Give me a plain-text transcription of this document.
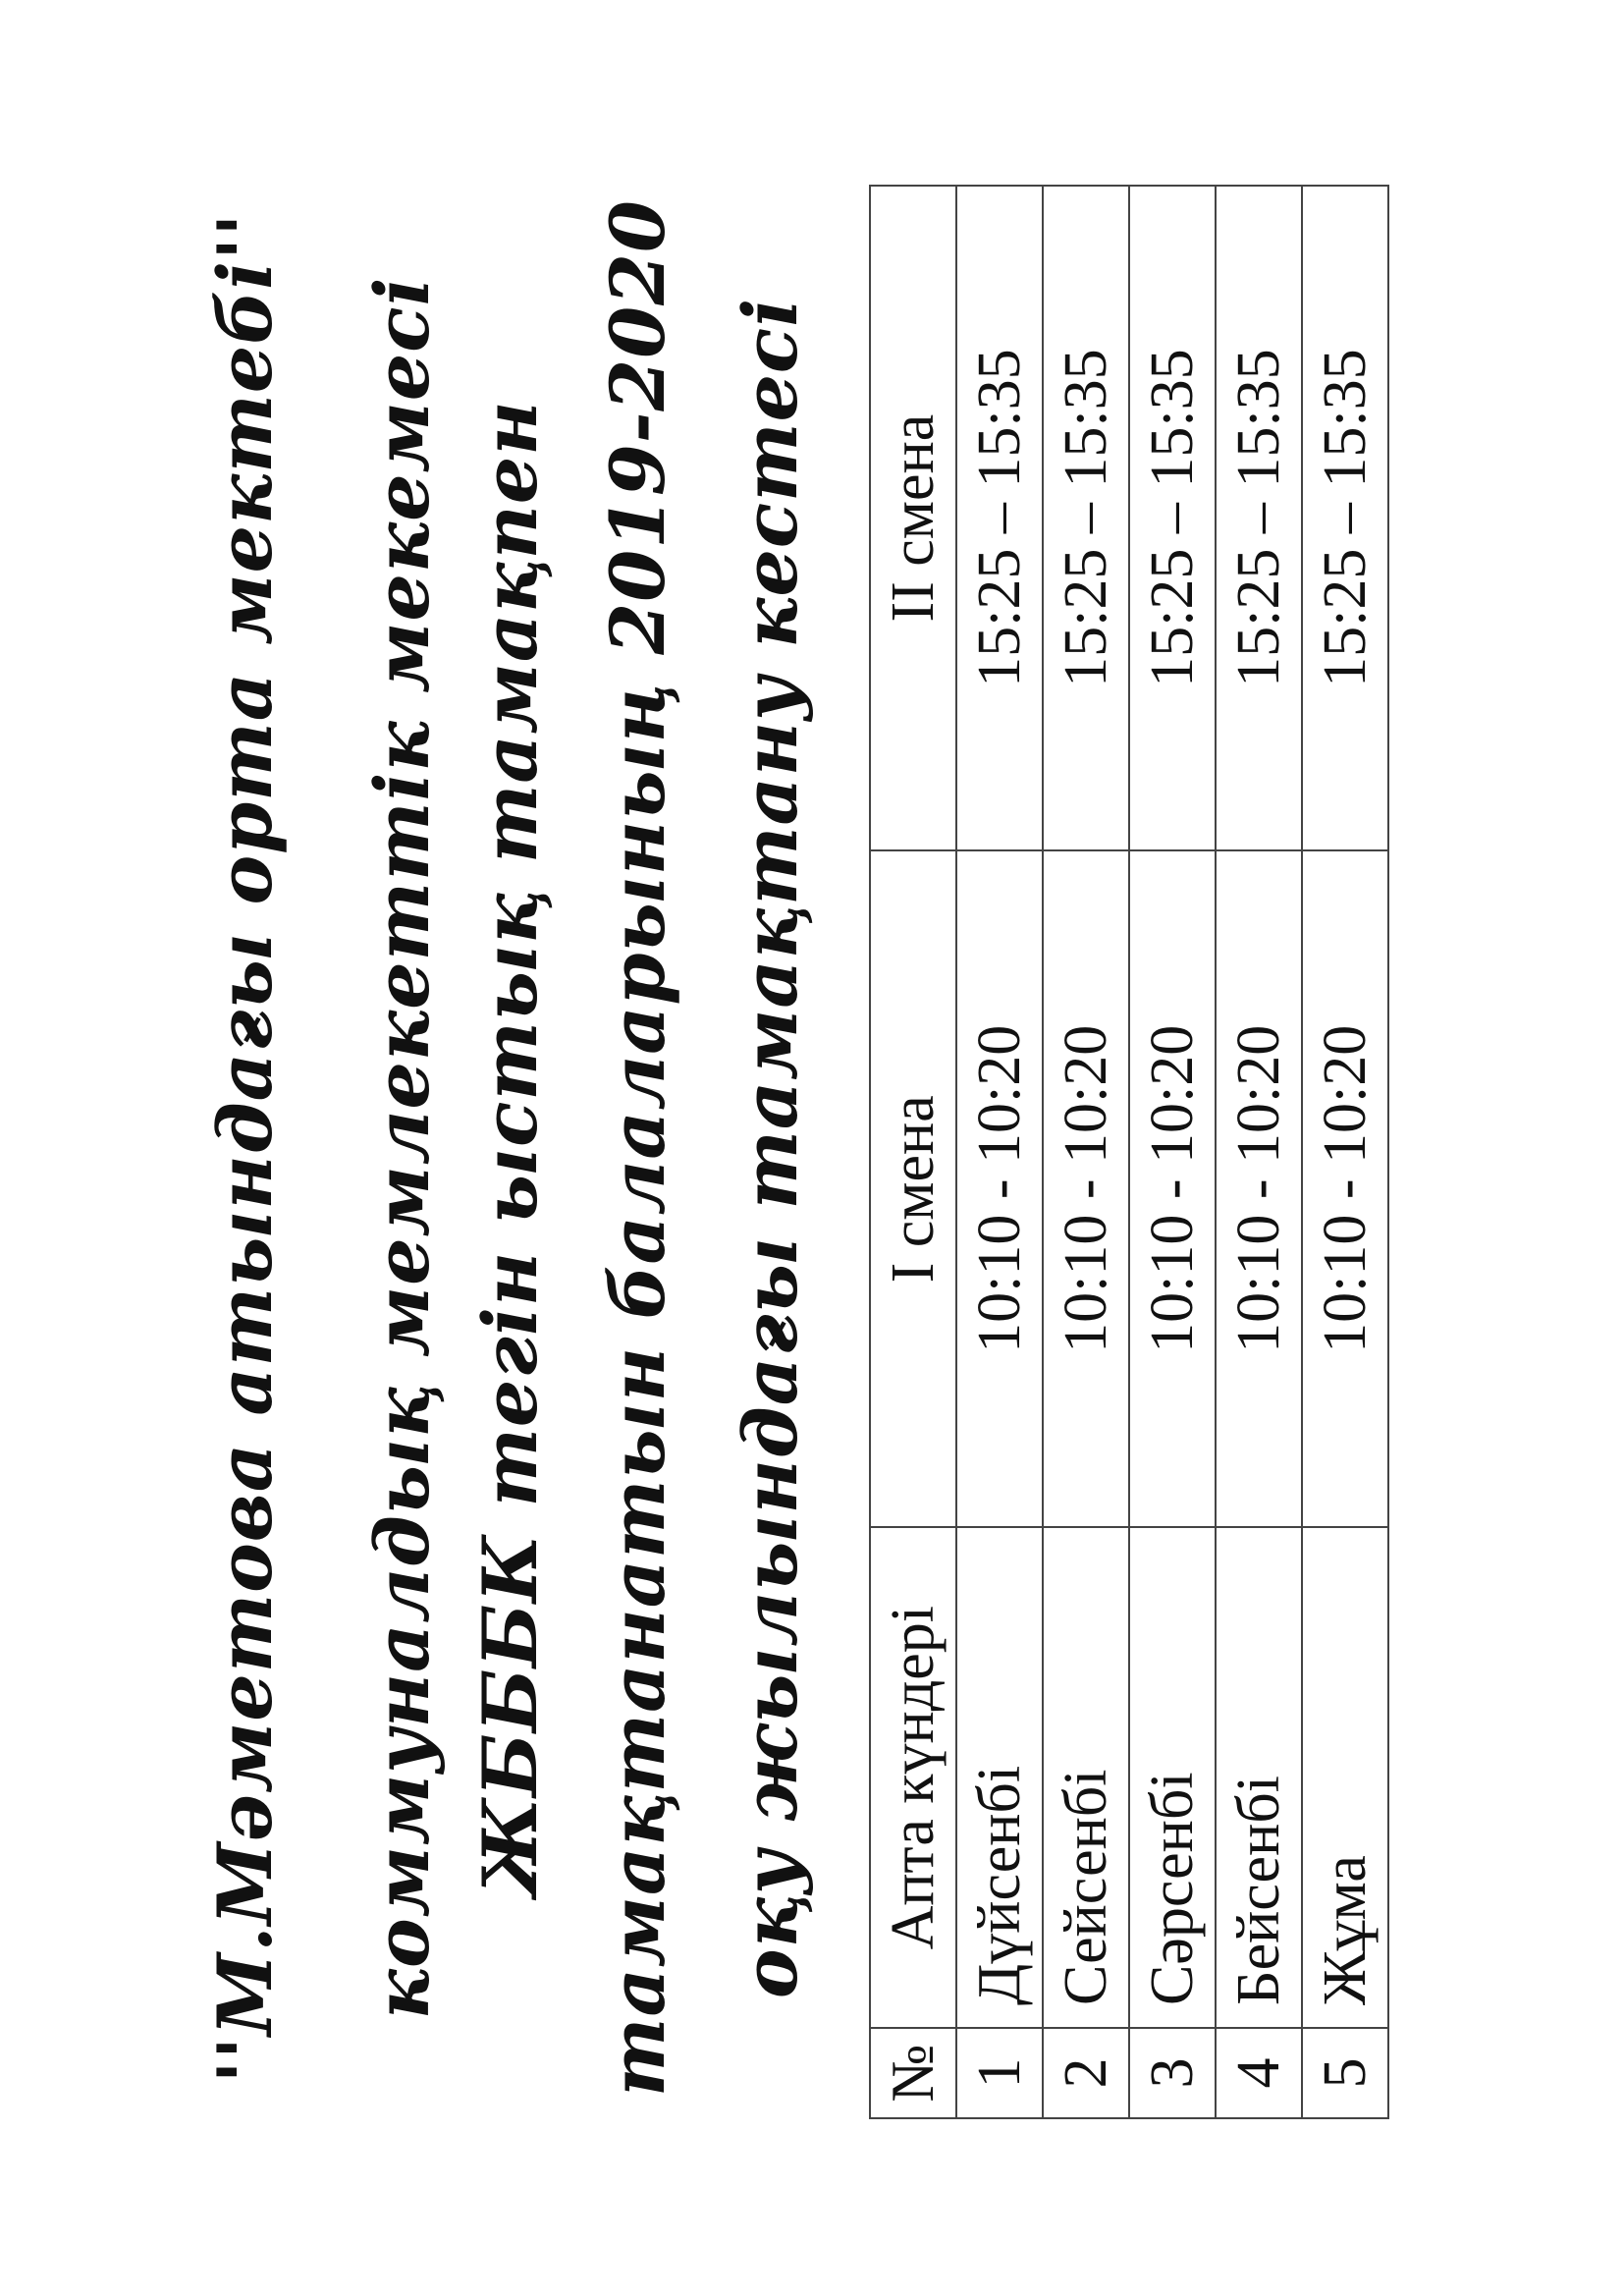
''М.Мәметова атындағы орта мектебі'' коммуналдық мемлекеттік мекемесі ЖБББК тегін ыстық тамақпен тамақтанатын балаларының 2019-2020 оқу жылындағы тамақтану кестесі
№	Апта күндері	I смена	II смена
1	Дүйсенбі	10:10 - 10:20	15:25 – 15:35
2	Сейсенбі	10:10 - 10:20	15:25 – 15:35
3	Сәрсенбі	10:10 - 10:20	15:25 – 15:35
4	Бейсенбі	10:10 - 10:20	15:25 – 15:35
5	Жұма	10:10 - 10:20	15:25 – 15:35
